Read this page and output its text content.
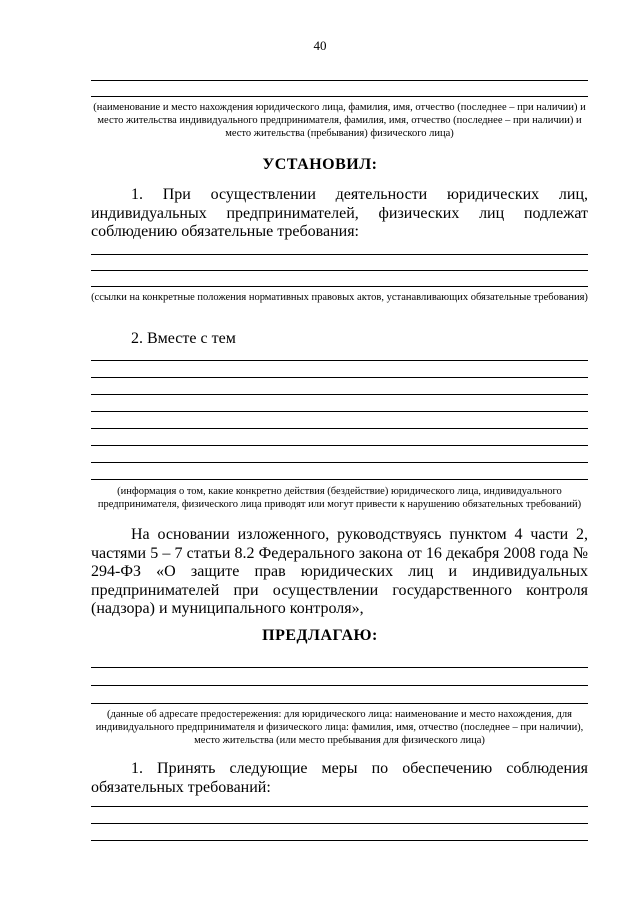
40
(наименование и место нахождения юридического лица, фамилия, имя, отчество (последнее – при наличии) и место жительства индивидуального предпринимателя, фамилия, имя, отчество (последнее – при наличии) и место жительства (пребывания) физического лица)
УСТАНОВИЛ:
1. При осуществлении деятельности юридических лиц, индивидуальных предпринимателей, физических лиц подлежат соблюдению обязательные требования:
(ссылки на конкретные положения нормативных правовых актов, устанавливающих обязательные требования)
2. Вместе с тем
(информация о том, какие конкретно действия (бездействие) юридического лица, индивидуального предпринимателя, физического лица приводят или могут привести к нарушению обязательных требований)
На основании изложенного, руководствуясь пунктом 4 части 2, частями 5 – 7 статьи 8.2 Федерального закона от 16 декабря 2008 года № 294-ФЗ «О защите прав юридических лиц и индивидуальных предпринимателей при осуществлении государственного контроля (надзора) и муниципального контроля»,
ПРЕДЛАГАЮ:
(данные об адресате предостережения: для юридического лица: наименование и место нахождения, для индивидуального предпринимателя и физического лица: фамилия, имя, отчество (последнее – при наличии), место жительства (или место пребывания для физического лица)
1. Принять следующие меры по обеспечению соблюдения обязательных требований:
